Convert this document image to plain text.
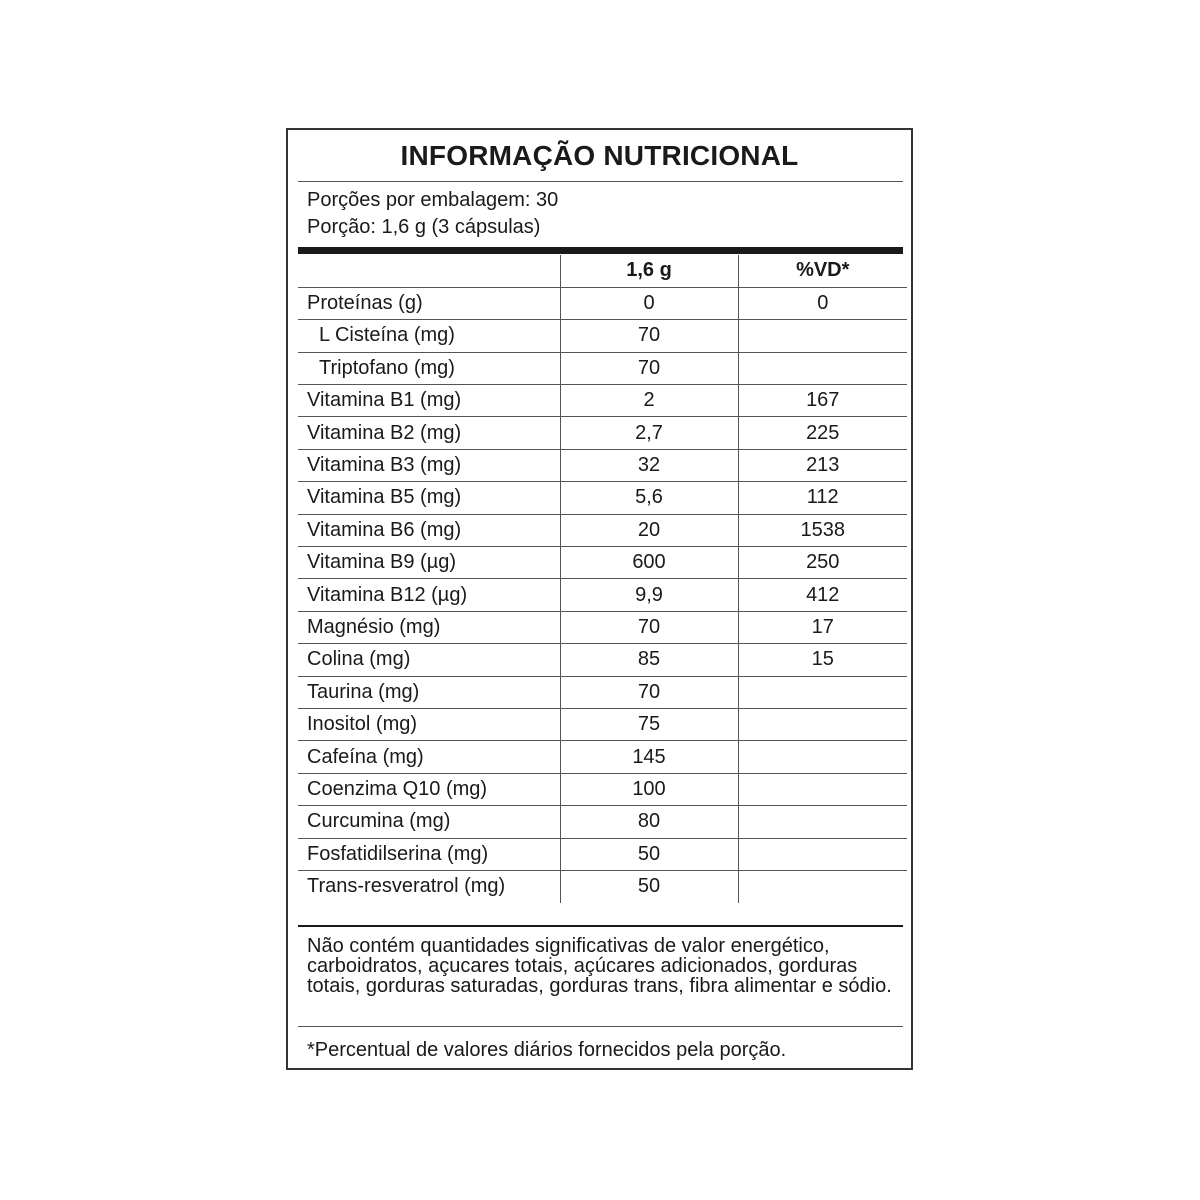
INFORMAÇÃO NUTRICIONAL
Porções por embalagem: 30
Porção: 1,6 g (3 cápsulas)
	1,6 g	%VD*
Proteínas (g)	0	0
L Cisteína (mg)	70	
Triptofano (mg)	70	
Vitamina B1 (mg)	2	167
Vitamina B2 (mg)	2,7	225
Vitamina B3 (mg)	32	213
Vitamina B5 (mg)	5,6	112
Vitamina B6 (mg)	20	1538
Vitamina B9 (µg)	600	250
Vitamina B12 (µg)	9,9	412
Magnésio (mg)	70	17
Colina (mg)	85	15
Taurina (mg)	70	
Inositol (mg)	75	
Cafeína (mg)	145	
Coenzima Q10 (mg)	100	
Curcumina (mg)	80	
Fosfatidilserina (mg)	50	
Trans-resveratrol (mg)	50	
Não contém quantidades significativas de valor energético, carboidratos, açucares totais, açúcares adicionados, gorduras totais, gorduras saturadas, gorduras trans, fibra alimentar e sódio.
*Percentual de valores diários fornecidos pela porção.
